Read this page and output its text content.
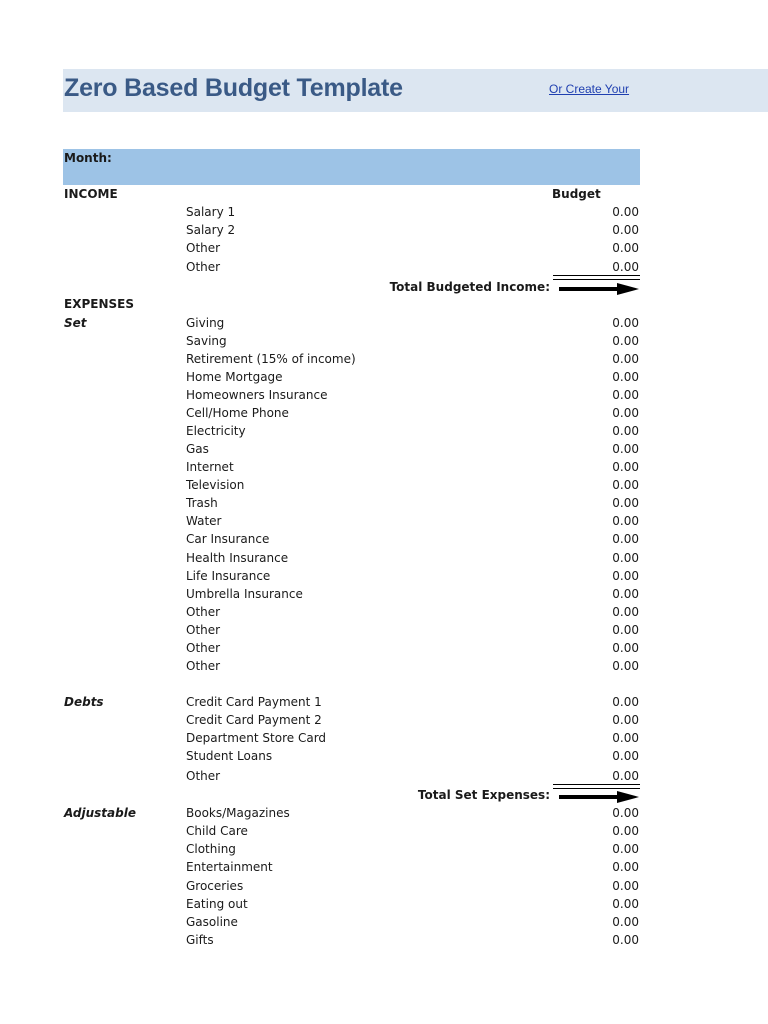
Zero Based Budget Template	Or Create Your
Month:
INCOME	Budget
Salary 1	0.00
Salary 2	0.00
Other	0.00
Other	0.00
Total Budgeted Income:
EXPENSES
Set	Giving	0.00
Saving	0.00
Retirement (15% of income)	0.00
Home Mortgage	0.00
Homeowners Insurance	0.00
Cell/Home Phone	0.00
Electricity	0.00
Gas	0.00
Internet	0.00
Television	0.00
Trash	0.00
Water	0.00
Car Insurance	0.00
Health Insurance	0.00
Life Insurance	0.00
Umbrella Insurance	0.00
Other	0.00
Other	0.00
Other	0.00
Other	0.00
Debts	Credit Card Payment 1	0.00
Credit Card Payment 2	0.00
Department Store Card	0.00
Student Loans	0.00
Other	0.00
Total Set Expenses:
Adjustable	Books/Magazines	0.00
Child Care	0.00
Clothing	0.00
Entertainment	0.00
Groceries	0.00
Eating out	0.00
Gasoline	0.00
Gifts	0.00
